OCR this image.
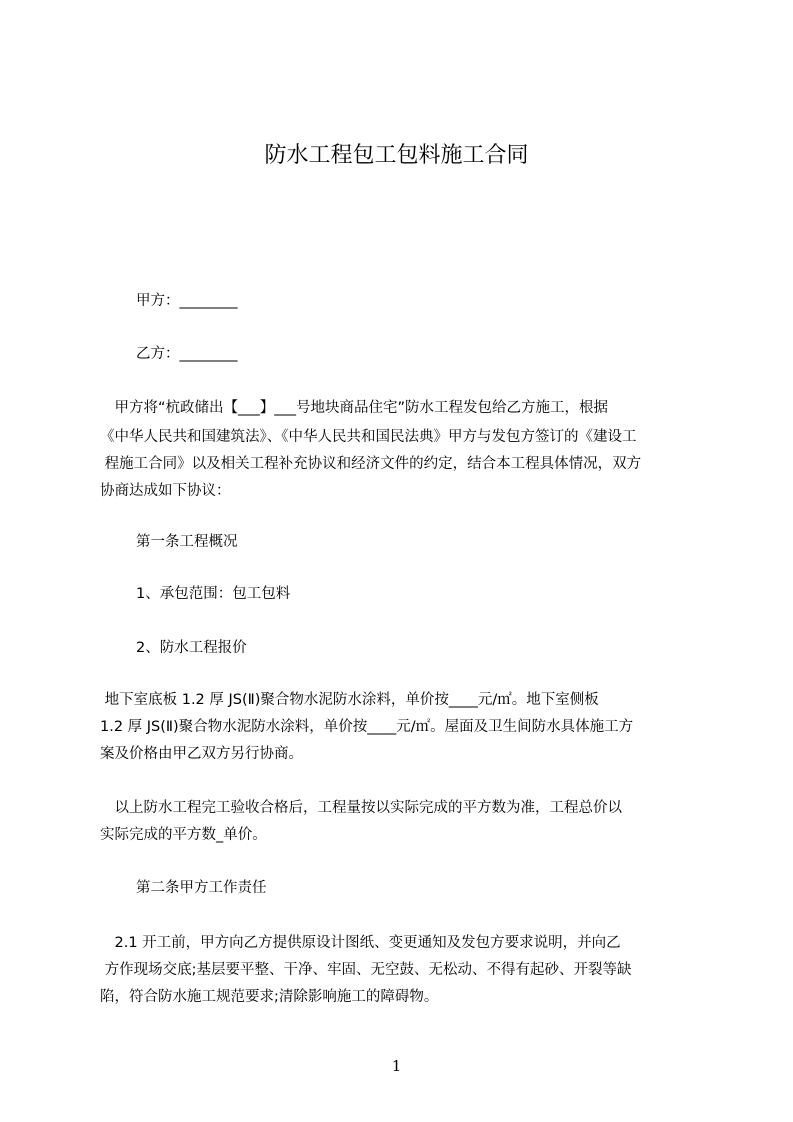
防水工程包工包料施工合同

甲方：________

乙方：________

　甲方将“杭政储出【___】___号地块商品住宅”防水工程发包给乙方施工，根据

《中华人民共和国建筑法》、《中华人民共和国民法典》甲方与发包方签订的《建设工

程施工合同》以及相关工程补充协议和经济文件的约定，结合本工程具体情况，双方

协商达成如下协议：

第一条工程概况

1、承包范围：包工包料

2、防水工程报价

地下室底板 1.2 厚 JS(Ⅱ)聚合物水泥防水涂料，单价按____元/㎡。地下室侧板

1.2 厚 JS(Ⅱ)聚合物水泥防水涂料，单价按____元/㎡。屋面及卫生间防水具体施工方

案及价格由甲乙双方另行协商。

　以上防水工程完工验收合格后，工程量按以实际完成的平方数为准，工程总价以

实际完成的平方数_单价。

第二条甲方工作责任

　2.1 开工前，甲方向乙方提供原设计图纸、变更通知及发包方要求说明，并向乙

方作现场交底;基层要平整、干净、牢固、无空鼓、无松动、不得有起砂、开裂等缺

陷，符合防水施工规范要求;清除影响施工的障碍物。

1
